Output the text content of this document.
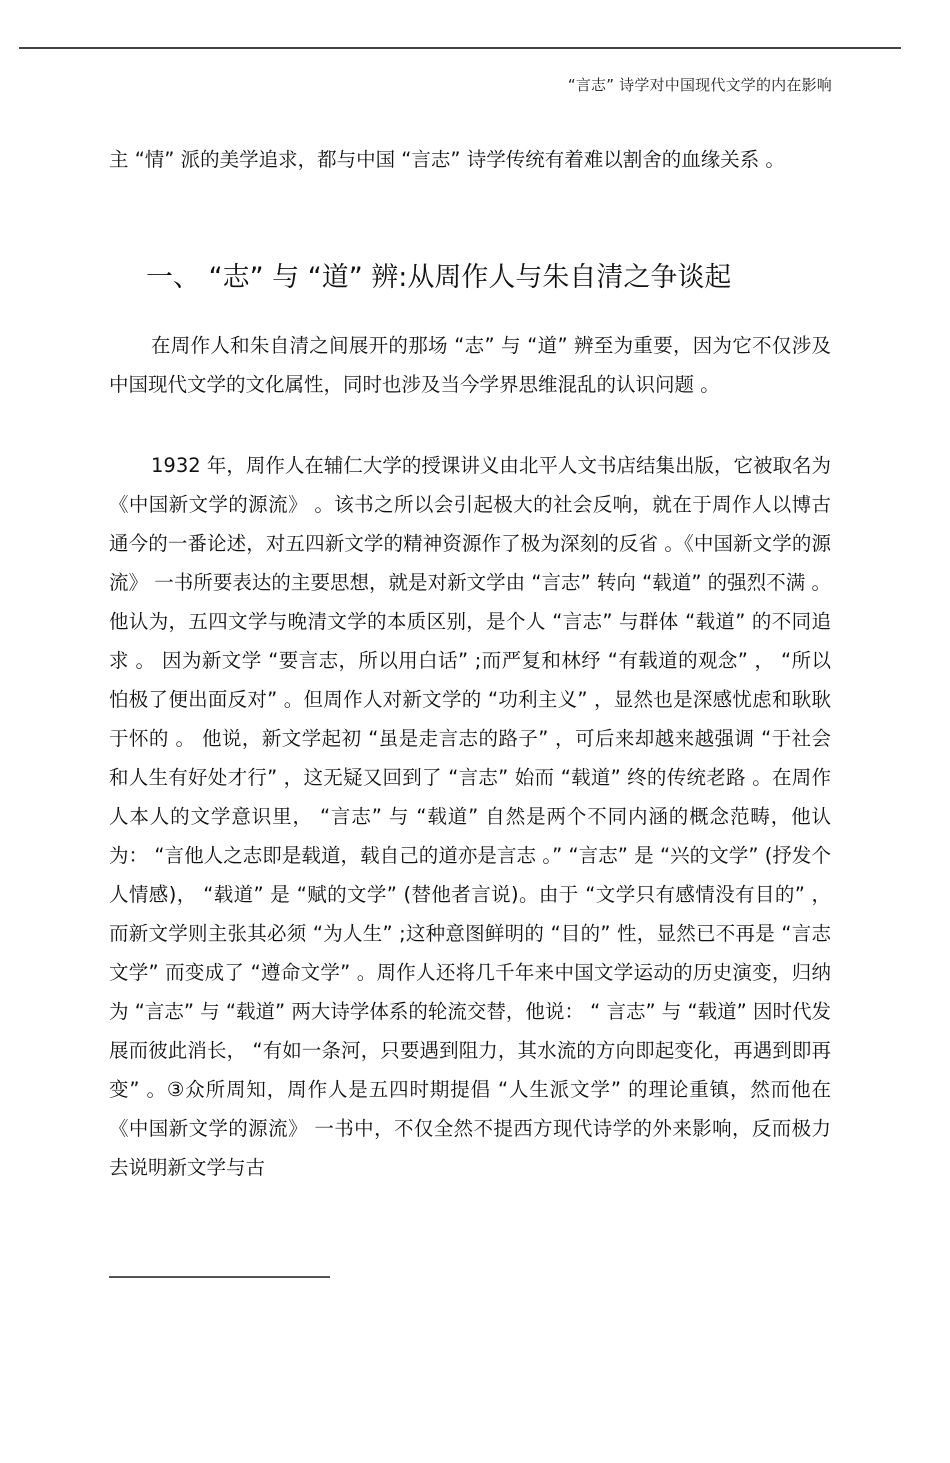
“言志” 诗学对中国现代文学的内在影响

主 “情” 派的美学追求，都与中国 “言志” 诗学传统有着难以割舍的血缘关系 。

一、 “志” 与 “道” 辨:从周作人与朱自清之争谈起

在周作人和朱自清之间展开的那场 “志” 与 “道” 辨至为重要，因为它不仅涉及中国现代文学的文化属性，同时也涉及当今学界思维混乱的认识问题 。

1932 年，周作人在辅仁大学的授课讲义由北平人文书店结集出版，它被取名为 《中国新文学的源流》 。该书之所以会引起极大的社会反响，就在于周作人以博古通今的一番论述，对五四新文学的精神资源作了极为深刻的反省 。《中国新文学的源流》 一书所要表达的主要思想，就是对新文学由 “言志” 转向 “载道” 的强烈不满 。他认为，五四文学与晚清文学的本质区别，是个人 “言志” 与群体 “载道” 的不同追求 。 因为新文学 “要言志，所以用白话” ;而严复和林纾 “有载道的观念” ， “所以怕极了便出面反对” 。但周作人对新文学的 “功利主义” ，显然也是深感忧虑和耿耿于怀的 。 他说，新文学起初 “虽是走言志的路子” ，可后来却越来越强调 “于社会和人生有好处才行” ，这无疑又回到了 “言志” 始而 “载道” 终的传统老路 。在周作人本人的文学意识里， “言志” 与 “载道” 自然是两个不同内涵的概念范畴，他认为： “言他人之志即是载道，载自己的道亦是言志 。” “言志” 是 “兴的文学” (抒发个人情感)， “载道” 是 “赋的文学” (替他者言说)。由于 “文学只有感情没有目的” ，而新文学则主张其必须 “为人生” ;这种意图鲜明的 “目的” 性，显然已不再是 “言志文学” 而变成了 “遵命文学” 。周作人还将几千年来中国文学运动的历史演变，归纳为 “言志” 与 “载道” 两大诗学体系的轮流交替，他说： “ 言志” 与 “载道” 因时代发展而彼此消长， “有如一条河，只要遇到阻力，其水流的方向即起变化，再遇到即再变” 。③众所周知，周作人是五四时期提倡 “人生派文学” 的理论重镇，然而他在 《中国新文学的源流》 一书中，不仅全然不提西方现代诗学的外来影响，反而极力去说明新文学与古
